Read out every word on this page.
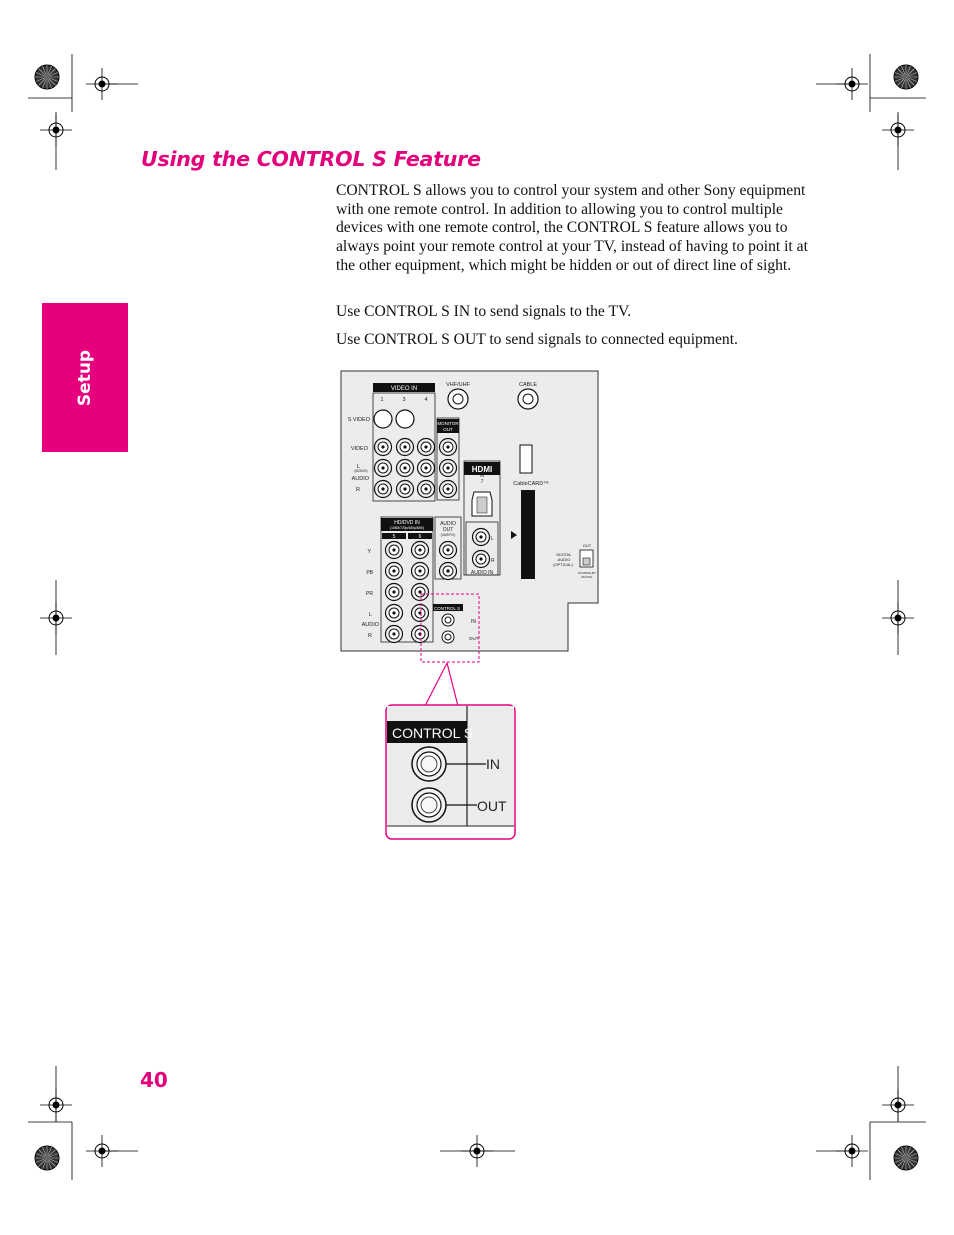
Using the CONTROL S Feature
Setup

CONTROL S allows you to control your system and other Sony equipment with one remote control. In addition to allowing you to control multiple devices with one remote control, the CONTROL S feature allows you to always point your remote control at your TV, instead of having to point it at the other equipment, which might be hidden or out of direct line of sight.

Use CONTROL S IN to send signals to the TV.

Use CONTROL S OUT to send signals to connected equipment.

VIDEO IN
1	3	4
S VIDEO
VIDEO
L
(MONO)
AUDIO
R
MONITOR
OUT
VHF/UHF	CABLE
HDMI
IN
7	CableCARD™
HD/DVD IN
(1080i/720p/480p/480i)
5	6
Y
PB
PR
L
AUDIO
R
AUDIO
OUT
(VAR/FIX)
L
R
AUDIO IN
OUT
DIGITAL
AUDIO
(OPTICAL)
PCM/DOLBY
DIGITAL
CONTROL S
IN
OUT
CONTROL S
IN
OUT
40
